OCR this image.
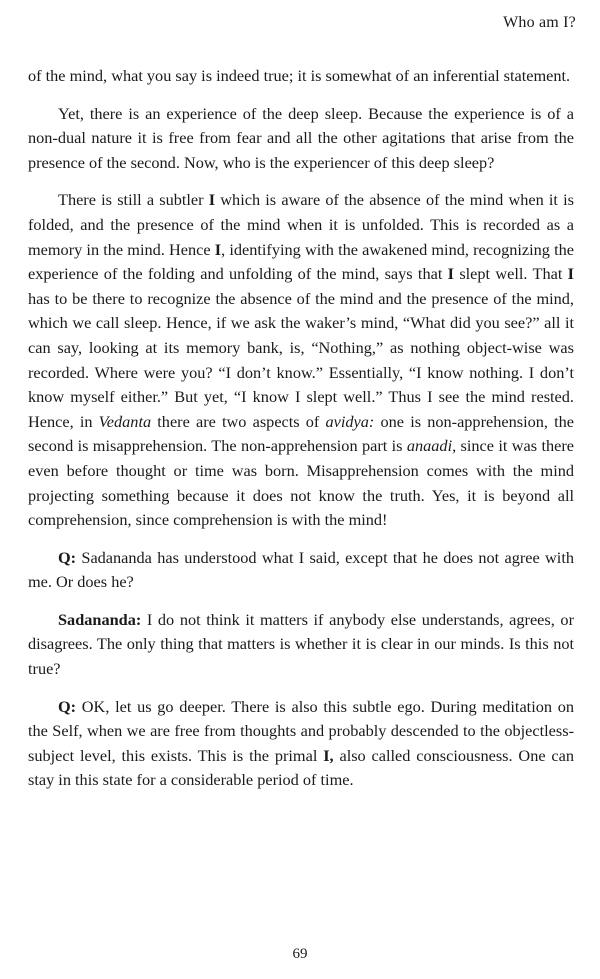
Who am I?

of the mind, what you say is indeed true; it is somewhat of an inferential statement.

Yet, there is an experience of the deep sleep. Because the experience is of a non-dual nature it is free from fear and all the other agitations that arise from the presence of the second. Now, who is the experiencer of this deep sleep?

There is still a subtler I which is aware of the absence of the mind when it is folded, and the presence of the mind when it is unfolded. This is recorded as a memory in the mind. Hence I, identifying with the awakened mind, recognizing the experience of the folding and unfolding of the mind, says that I slept well. That I has to be there to recognize the absence of the mind and the presence of the mind, which we call sleep. Hence, if we ask the waker’s mind, “What did you see?” all it can say, looking at its memory bank, is, “Nothing,” as nothing object-wise was recorded. Where were you? “I don’t know.” Essentially, “I know nothing. I don’t know myself either.” But yet, “I know I slept well.” Thus I see the mind rested. Hence, in Vedanta there are two aspects of avidya: one is non-apprehension, the second is misapprehension. The non-apprehension part is anaadi, since it was there even before thought or time was born. Misapprehension comes with the mind projecting something because it does not know the truth. Yes, it is beyond all comprehension, since comprehension is with the mind!

Q: Sadananda has understood what I said, except that he does not agree with me. Or does he?

Sadananda: I do not think it matters if anybody else understands, agrees, or disagrees. The only thing that matters is whether it is clear in our minds. Is this not true?

Q: OK, let us go deeper. There is also this subtle ego. During meditation on the Self, when we are free from thoughts and probably descended to the objectless-subject level, this exists. This is the primal I, also called consciousness. One can stay in this state for a considerable period of time.

69
